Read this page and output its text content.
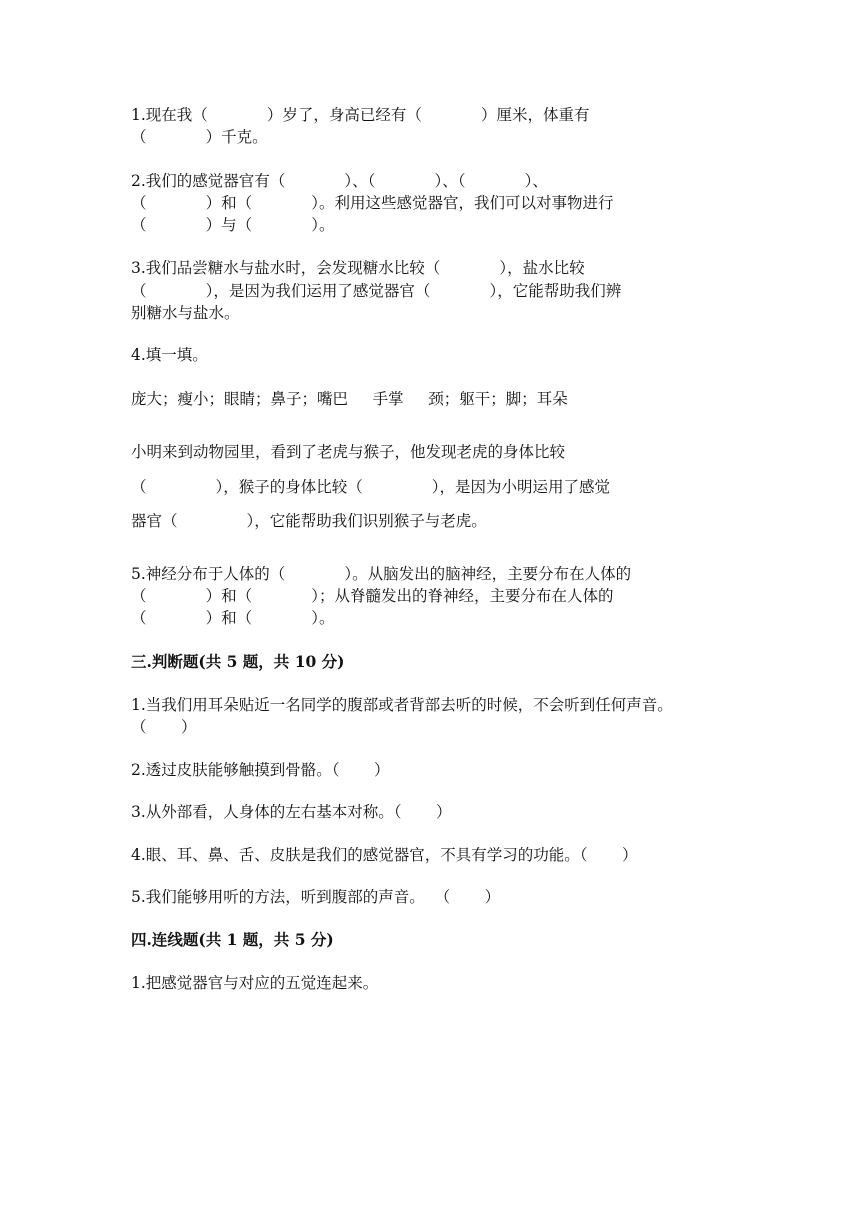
1.现在我（            ）岁了，身高已经有（            ）厘米，体重有
（            ）千克。
2.我们的感觉器官有（            ）、（            ）、（            ）、
（            ）和（            ）。利用这些感觉器官，我们可以对事物进行
（            ）与（            ）。
3.我们品尝糖水与盐水时，会发现糖水比较（            ），盐水比较
（            ），是因为我们运用了感觉器官（            ），它能帮助我们辨
别糖水与盐水。
4.填一填。
庞大；瘦小；眼睛；鼻子；嘴巴     手掌     颈；躯干；脚；耳朵
小明来到动物园里，看到了老虎与猴子，他发现老虎的身体比较
（              ），猴子的身体比较（              ），是因为小明运用了感觉
器官（              ），它能帮助我们识别猴子与老虎。
5.神经分布于人体的（            ）。从脑发出的脑神经，主要分布在人体的
（            ）和（            ）；从脊髓发出的脊神经，主要分布在人体的
（            ）和（            ）。
三.判断题(共 5 题，共 10 分)
1.当我们用耳朵贴近一名同学的腹部或者背部去听的时候，不会听到任何声音。
（       ）
2.透过皮肤能够触摸到骨骼。（       ）
3.从外部看，人身体的左右基本对称。（       ）
4.眼、耳、鼻、舌、皮肤是我们的感觉器官，不具有学习的功能。（       ）
5.我们能够用听的方法，听到腹部的声音。  （       ）
四.连线题(共 1 题，共 5 分)
1.把感觉器官与对应的五觉连起来。
